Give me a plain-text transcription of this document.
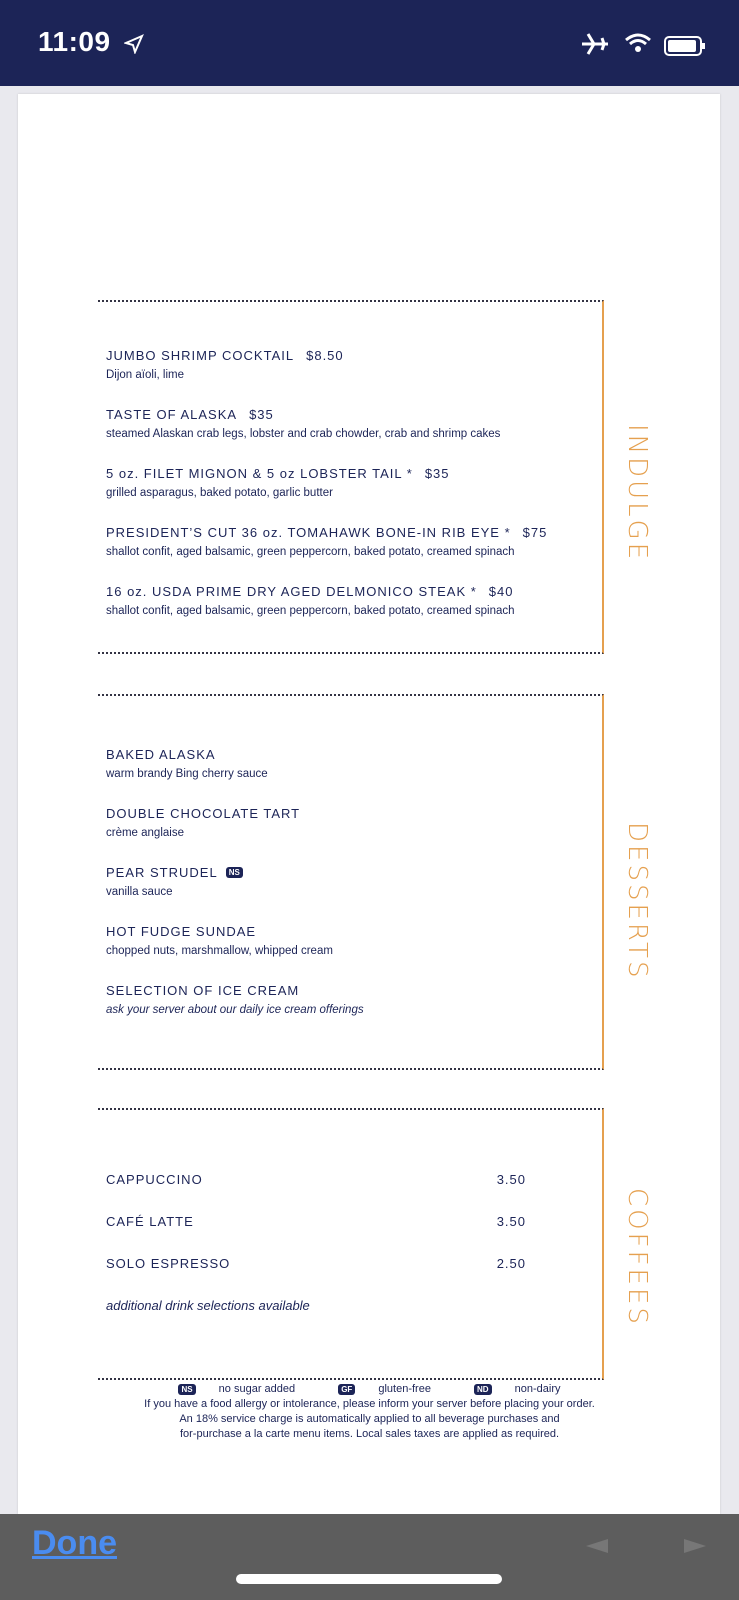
11:09
JUMBO SHRIMP COCKTAIL $8.50
Dijon aïoli, lime
TASTE OF ALASKA $35
steamed Alaskan crab legs, lobster and crab chowder, crab and shrimp cakes
5 oz. FILET MIGNON & 5 oz LOBSTER TAIL * $35
grilled asparagus, baked potato, garlic butter
PRESIDENT’S CUT 36 oz. TOMAHAWK BONE-IN RIB EYE * $75
shallot confit, aged balsamic, green peppercorn, baked potato, creamed spinach
16 oz. USDA PRIME DRY AGED DELMONICO STEAK * $40
shallot confit, aged balsamic, green peppercorn, baked potato, creamed spinach
INDULGE
BAKED ALASKA
warm brandy Bing cherry sauce
DOUBLE CHOCOLATE TART
crème anglaise
PEAR STRUDEL NS
vanilla sauce
HOT FUDGE SUNDAE
chopped nuts, marshmallow, whipped cream
SELECTION OF ICE CREAM
ask your server about our daily ice cream offerings
DESSERTS
CAPPUCCINO	3.50
CAFÉ LATTE	3.50
SOLO ESPRESSO	2.50
additional drink selections available	COFFEES
NS no sugar added	GF gluten-free	ND non-dairy
If you have a food allergy or intolerance, please inform your server before placing your order.
An 18% service charge is automatically applied to all beverage purchases and
for-purchase a la carte menu items. Local sales taxes are applied as required.
Done
